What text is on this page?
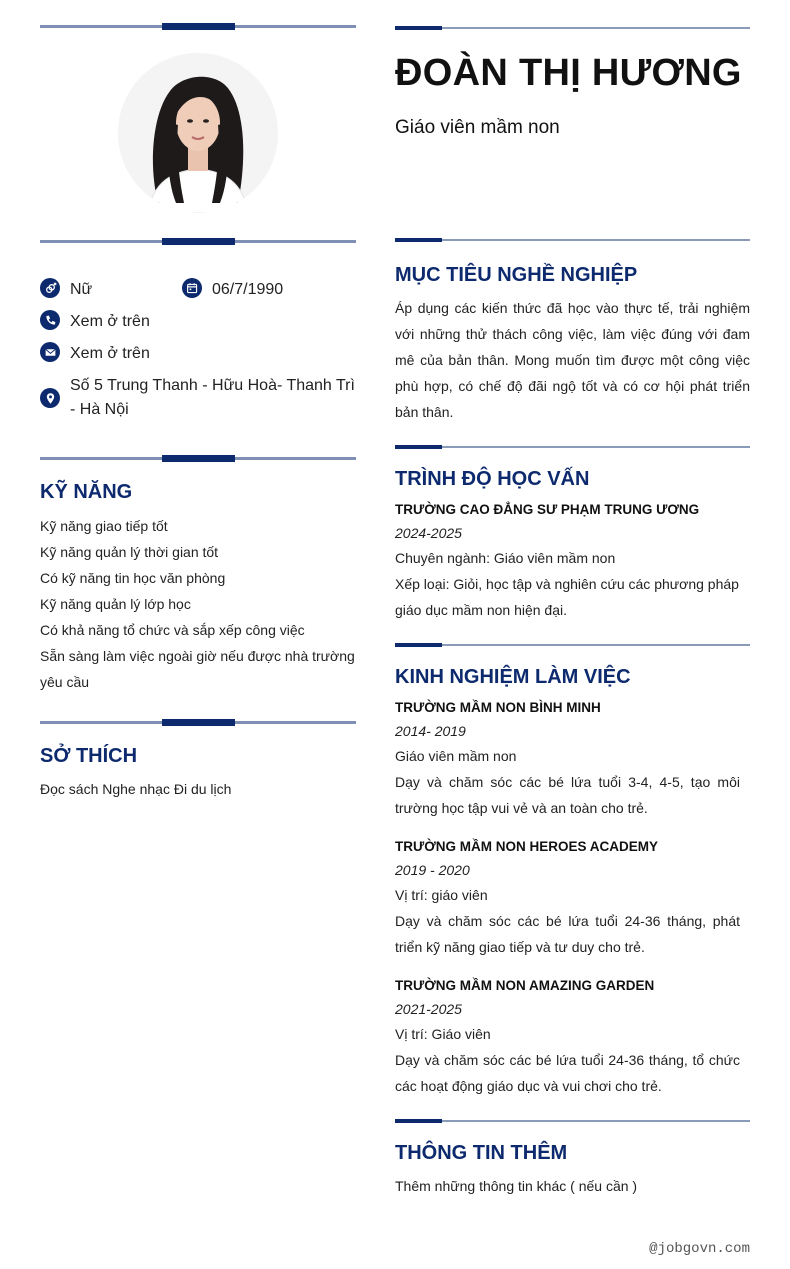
Nữ	06/7/1990
Xem ở trên
Xem ở trên
Số 5 Trung Thanh - Hữu Hoà- Thanh Trì - Hà Nội
KỸ NĂNG
Kỹ năng giao tiếp tốt
Kỹ năng quản lý thời gian tốt
Có kỹ năng tin học văn phòng
Kỹ năng quản lý lớp học
Có khả năng tổ chức và sắp xếp công việc
Sẵn sàng làm việc ngoài giờ nếu được nhà trường yêu cầu
SỞ THÍCH
Đọc sách Nghe nhạc Đi du lịch
ĐOÀN THỊ HƯƠNG
Giáo viên mầm non
MỤC TIÊU NGHỀ NGHIỆP
Áp dụng các kiến thức đã học vào thực tế, trải nghiệm với những thử thách công việc, làm việc đúng với đam mê của bản thân. Mong muốn tìm được một công việc phù hợp, có chế độ đãi ngộ tốt và có cơ hội phát triển bản thân.
TRÌNH ĐỘ HỌC VẤN
TRƯỜNG CAO ĐẲNG SƯ PHẠM TRUNG ƯƠNG
2024-2025
Chuyên ngành: Giáo viên mầm non
Xếp loại: Giỏi, học tập và nghiên cứu các phương pháp giáo dục mầm non hiện đại.
KINH NGHIỆM LÀM VIỆC
TRƯỜNG MẦM NON BÌNH MINH
2014- 2019
Giáo viên mầm non
Dạy và chăm sóc các bé lứa tuổi 3-4, 4-5, tạo môi trường học tập vui vẻ và an toàn cho trẻ.
TRƯỜNG MẦM NON HEROES ACADEMY
2019 - 2020
Vị trí: giáo viên
Dạy và chăm sóc các bé lứa tuổi 24-36 tháng, phát triển kỹ năng giao tiếp và tư duy cho trẻ.
TRƯỜNG MẦM NON AMAZING GARDEN
2021-2025
Vị trí: Giáo viên
Dạy và chăm sóc các bé lứa tuổi 24-36 tháng, tổ chức các hoạt động giáo dục và vui chơi cho trẻ.
THÔNG TIN THÊM
Thêm những thông tin khác ( nếu cần )
@jobgovn.com
